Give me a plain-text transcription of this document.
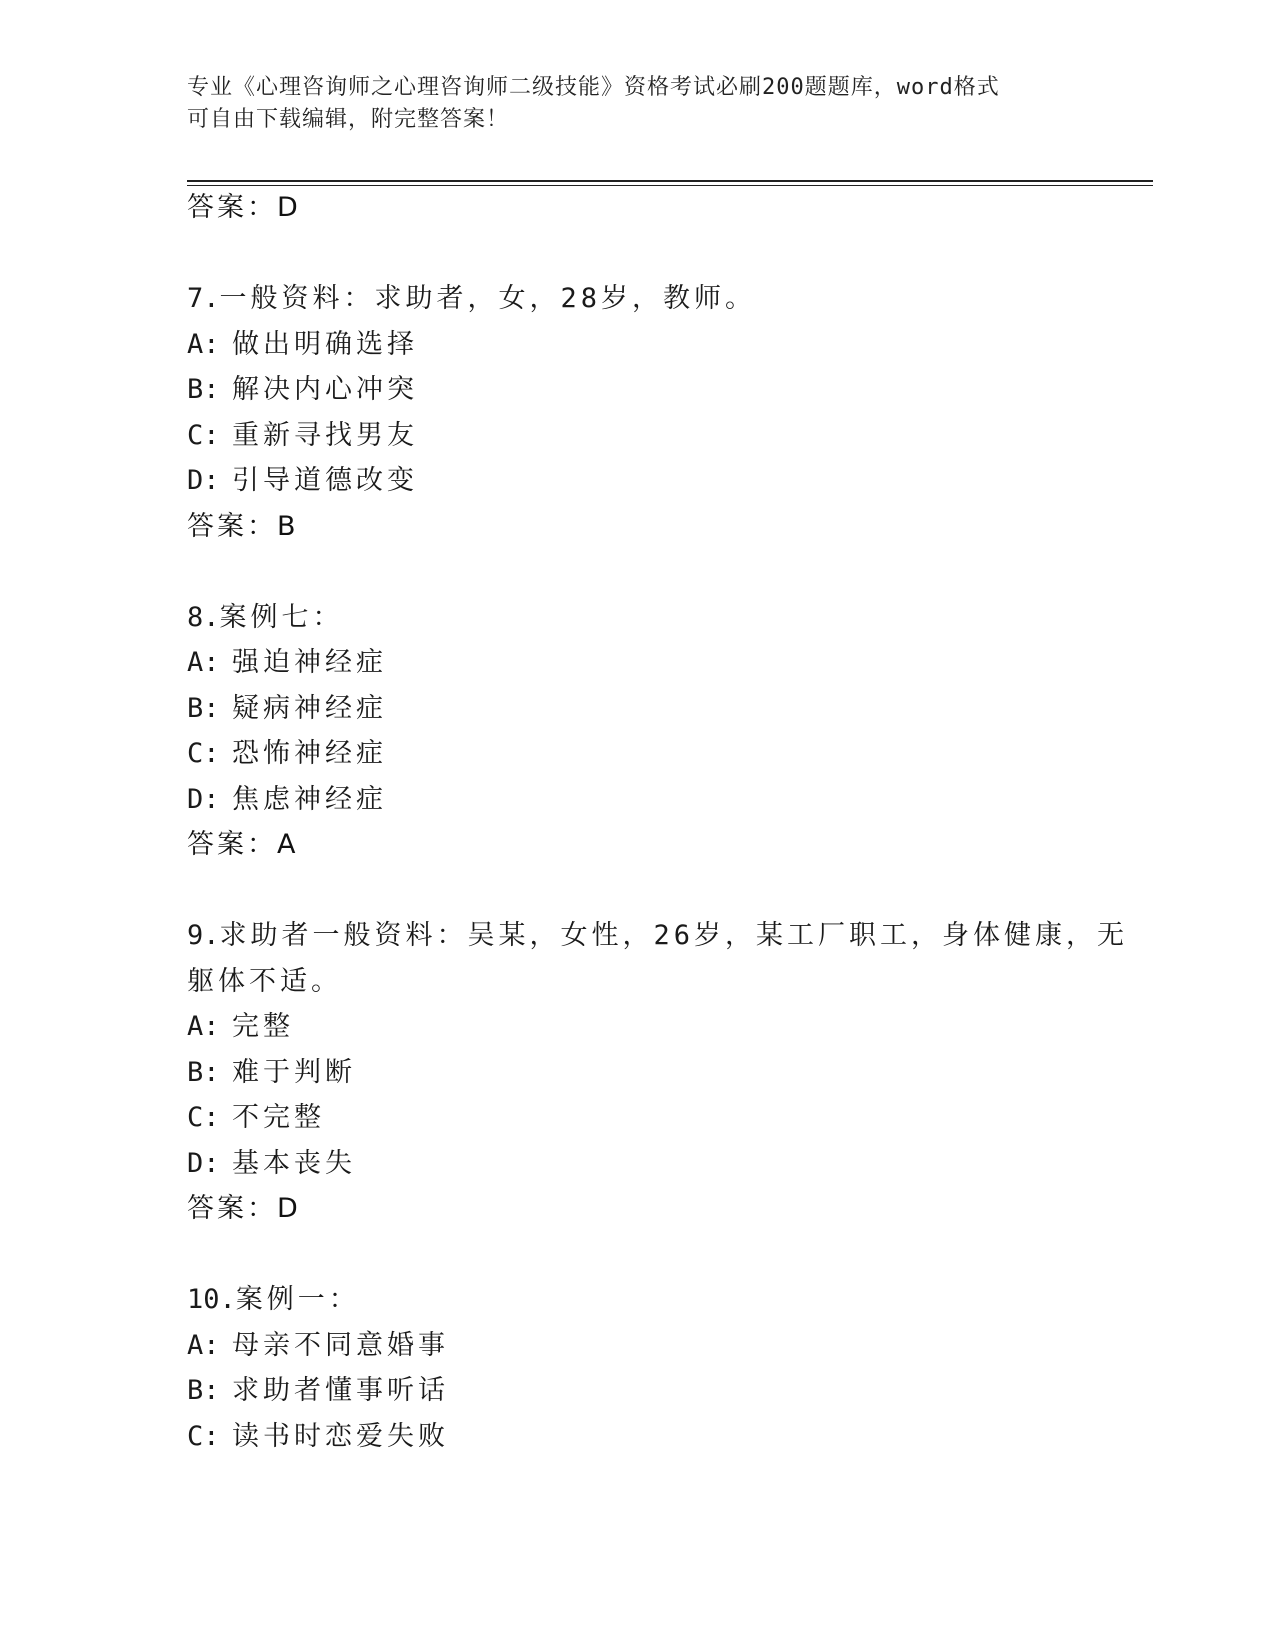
专业《心理咨询师之心理咨询师二级技能》资格考试必刷200题题库，word格式
可自由下载编辑，附完整答案！
答案：D
7.一般资料：求助者，女，28岁，教师。
A: 做出明确选择
B: 解决内心冲突
C: 重新寻找男友
D: 引导道德改变
答案：B
8.案例七：
A: 强迫神经症
B: 疑病神经症
C: 恐怖神经症
D: 焦虑神经症
答案：A
9.求助者一般资料：吴某，女性，26岁，某工厂职工，身体健康，无
躯体不适。
A: 完整
B: 难于判断
C: 不完整
D: 基本丧失
答案：D
10.案例一：
A: 母亲不同意婚事
B: 求助者懂事听话
C: 读书时恋爱失败
